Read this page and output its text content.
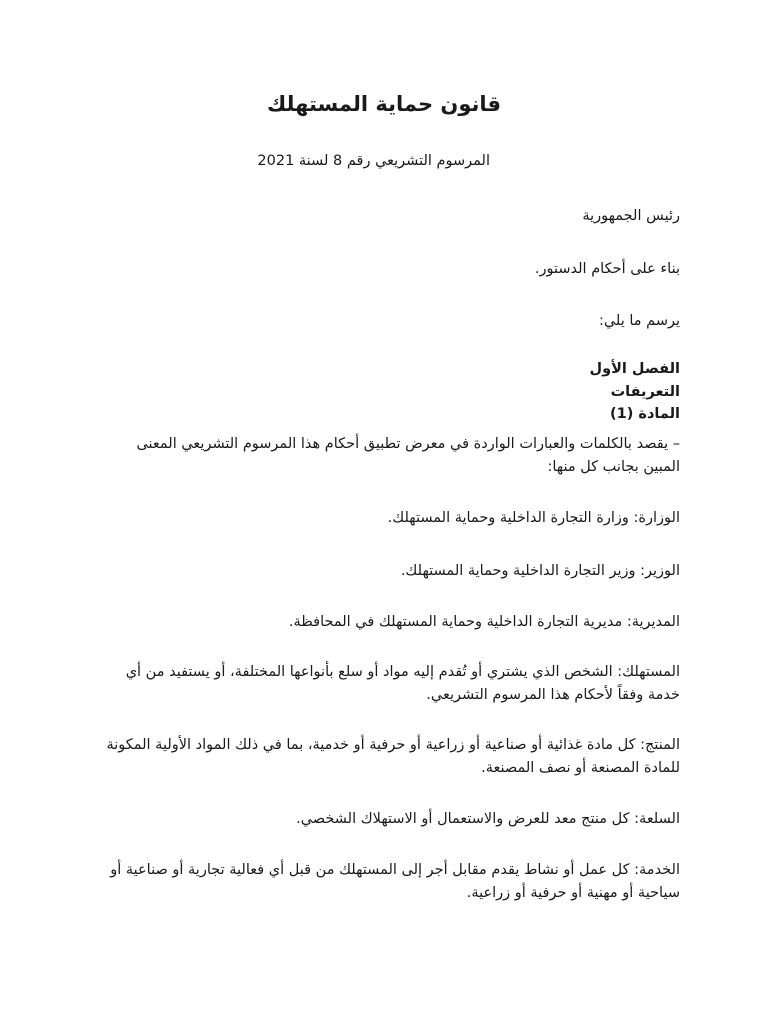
قانون حماية المستهلك

المرسوم التشريعي رقم 8 لسنة 2021

رئيس الجمهورية

بناء على أحكام الدستور.

يرسم ما يلي:

الفصل الأول

التعريفات

المادة (1)

– يقصد بالكلمات والعبارات الواردة في معرض تطبيق أحكام هذا المرسوم التشريعي المعنى المبين بجانب كل منها:

الوزارة: وزارة التجارة الداخلية وحماية المستهلك.

الوزير: وزير التجارة الداخلية وحماية المستهلك.

المديرية: مديرية التجارة الداخلية وحماية المستهلك في المحافظة.

المستهلك: الشخص الذي يشتري أو تُقدم إليه مواد أو سلع بأنواعها المختلفة، أو يستفيد من أي خدمة وفقاً لأحكام هذا المرسوم التشريعي.

المنتج: كل مادة غذائية أو صناعية أو زراعية أو حرفية أو خدمية، بما في ذلك المواد الأولية المكونة للمادة المصنعة أو نصف المصنعة.

السلعة: كل منتج معد للعرض والاستعمال أو الاستهلاك الشخصي.

الخدمة: كل عمل أو نشاط يقدم مقابل أجر إلى المستهلك من قبل أي فعالية تجارية أو صناعية أو سياحية أو مهنية أو حرفية أو زراعية.
